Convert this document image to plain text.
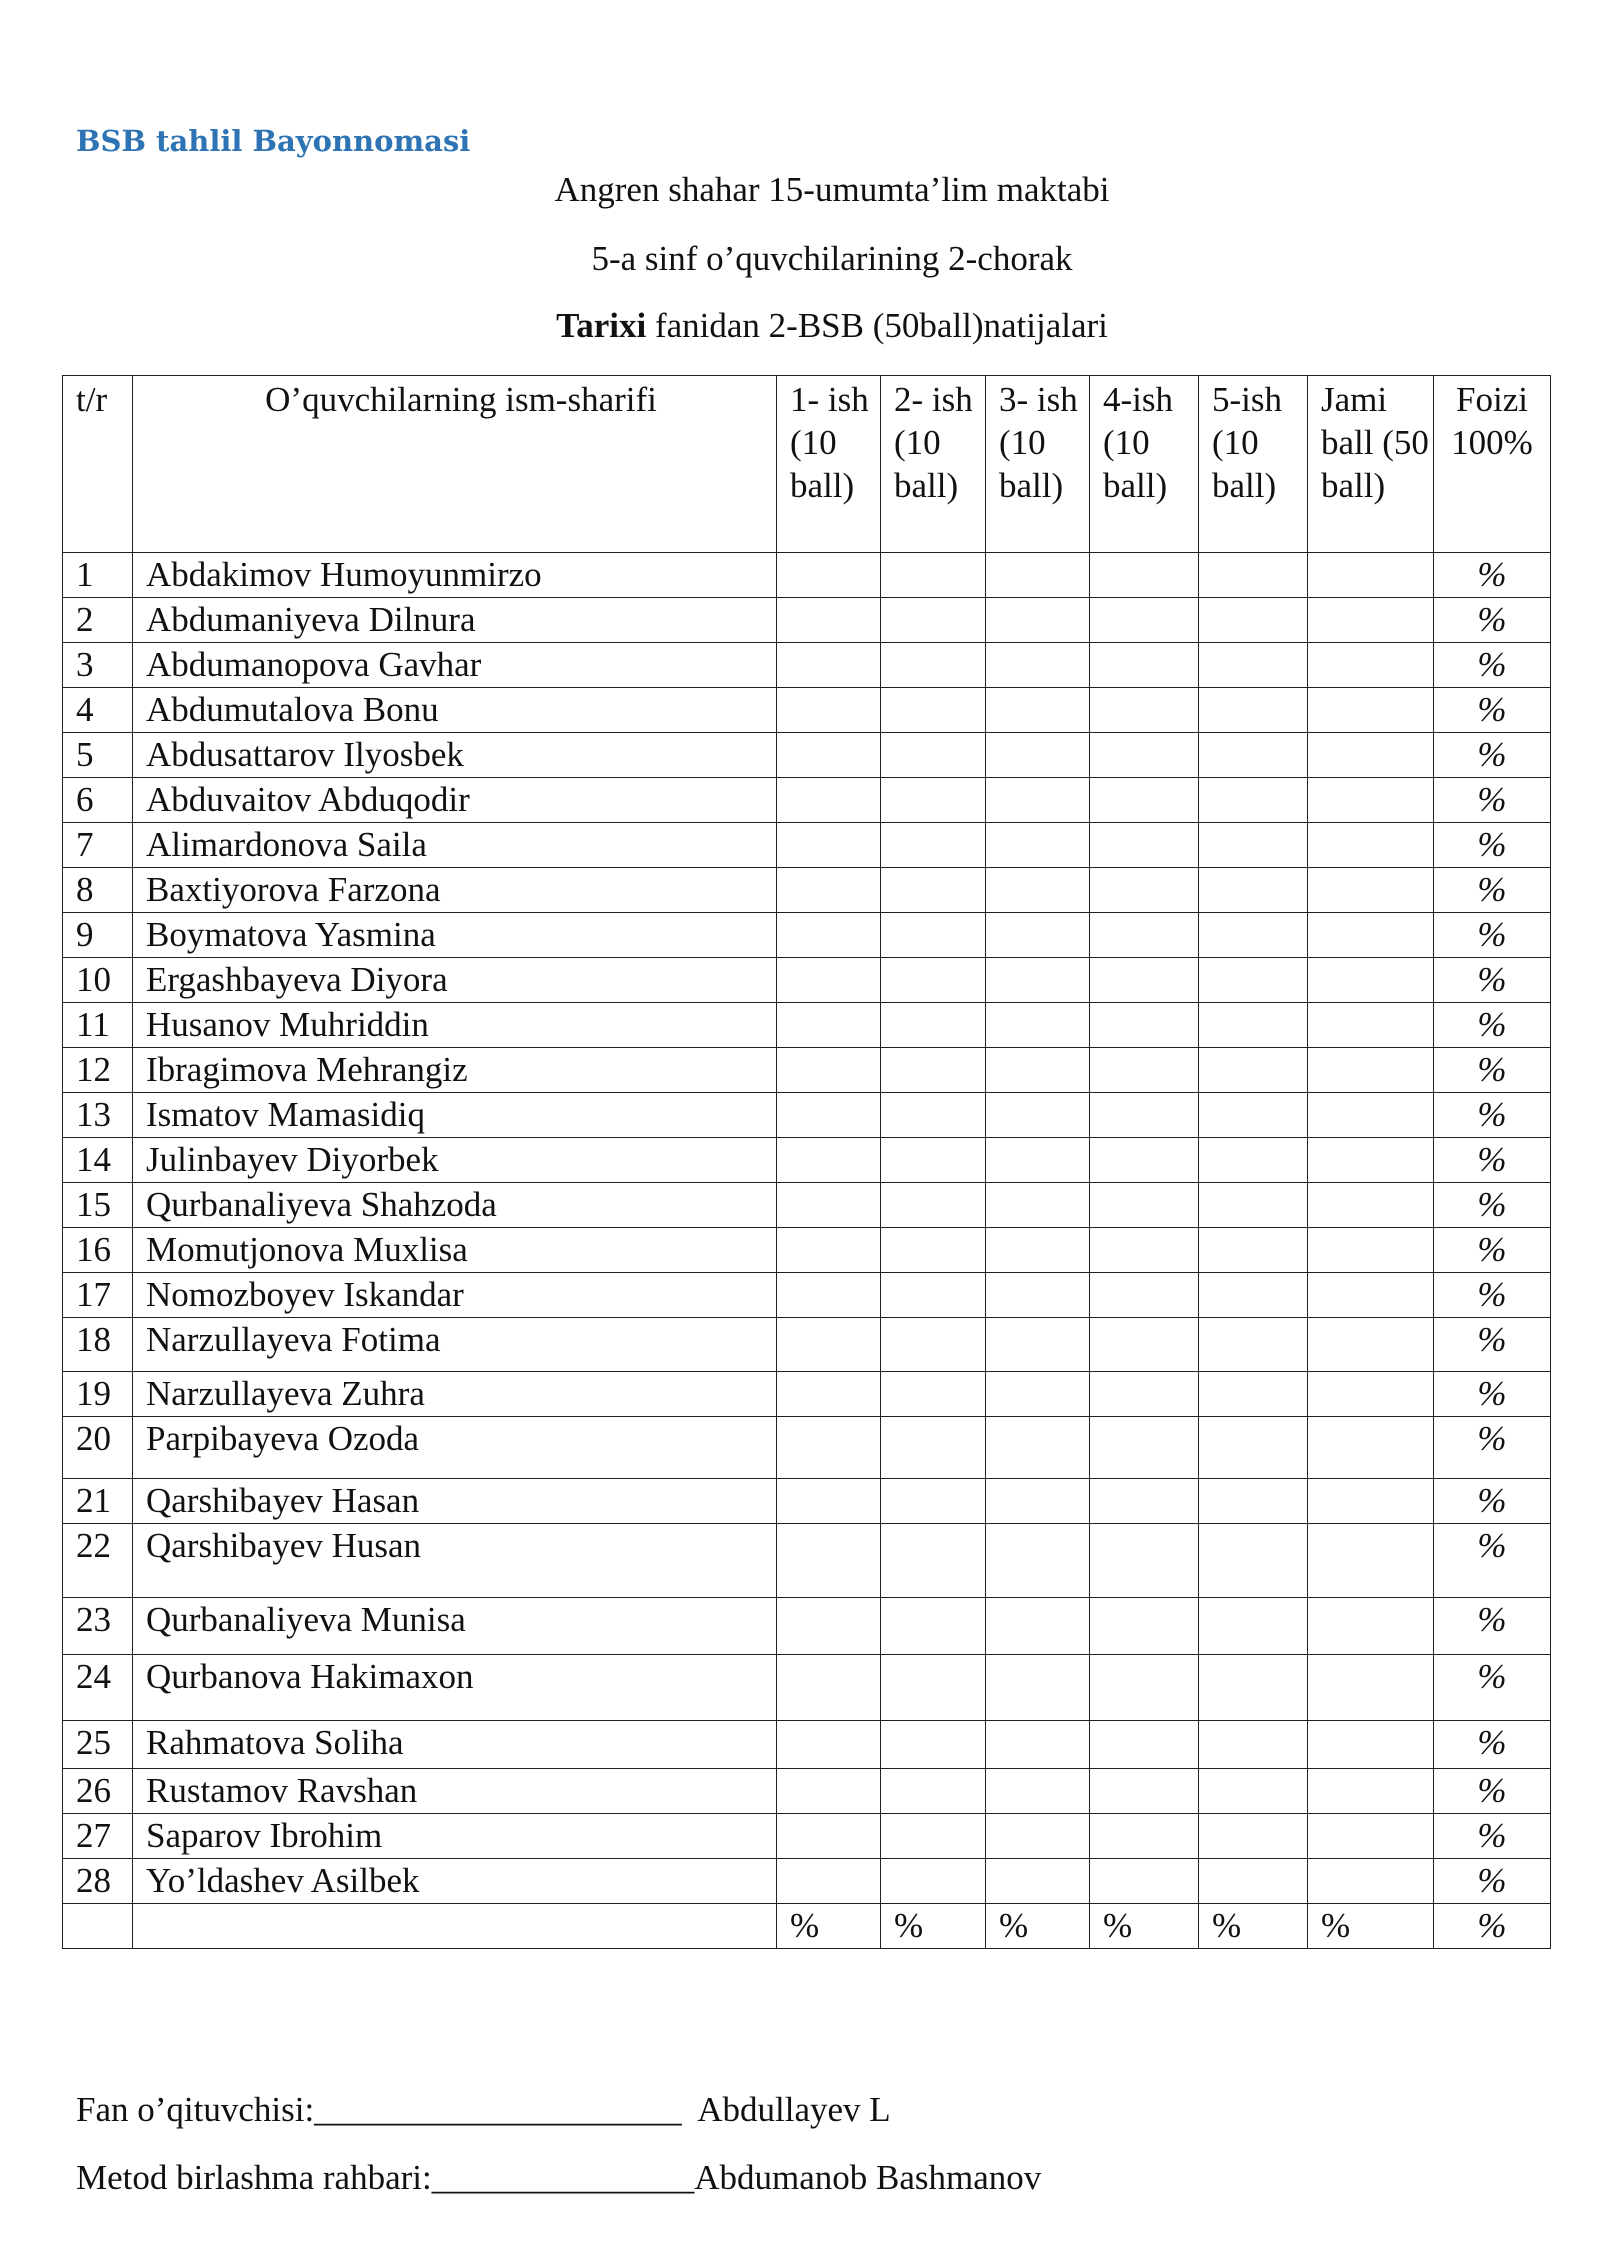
BSB tahlil Bayonnomasi
Angren shahar 15-umumta’lim maktabi
5-a sinf o’quvchilarining 2-chorak
Tarixi fanidan 2-BSB (50ball)natijalari
t/r	O’quvchilarning ism-sharifi	1- ish (10 ball)	2- ish (10 ball)	3- ish (10 ball)	4-ish (10 ball)	5-ish (10 ball)	Jami ball (50 ball)	Foizi 100%
1	Abdakimov Humoyunmirzo							%
2	Abdumaniyeva Dilnura							%
3	Abdumanopova Gavhar							%
4	Abdumutalova Bonu							%
5	Abdusattarov Ilyosbek							%
6	Abduvaitov Abduqodir							%
7	Alimardonova Saila							%
8	Baxtiyorova Farzona							%
9	Boymatova Yasmina							%
10	Ergashbayeva Diyora							%
11	Husanov Muhriddin							%
12	Ibragimova Mehrangiz							%
13	Ismatov Mamasidiq							%
14	Julinbayev Diyorbek							%
15	Qurbanaliyeva Shahzoda							%
16	Momutjonova Muxlisa							%
17	Nomozboyev Iskandar							%
18	Narzullayeva Fotima							%
19	Narzullayeva Zuhra							%
20	Parpibayeva Ozoda							%
21	Qarshibayev Hasan							%
22	Qarshibayev Husan							%
23	Qurbanaliyeva Munisa							%
24	Qurbanova Hakimaxon							%
25	Rahmatova Soliha							%
26	Rustamov Ravshan							%
27	Saparov Ibrohim							%
28	Yo’ldashev Asilbek							%
		%	%	%	%	%	%	%
Fan o’qituvchisi:_____________________  Abdullayev L
Metod birlashma rahbari:_______________Abdumanob Bashmanov
